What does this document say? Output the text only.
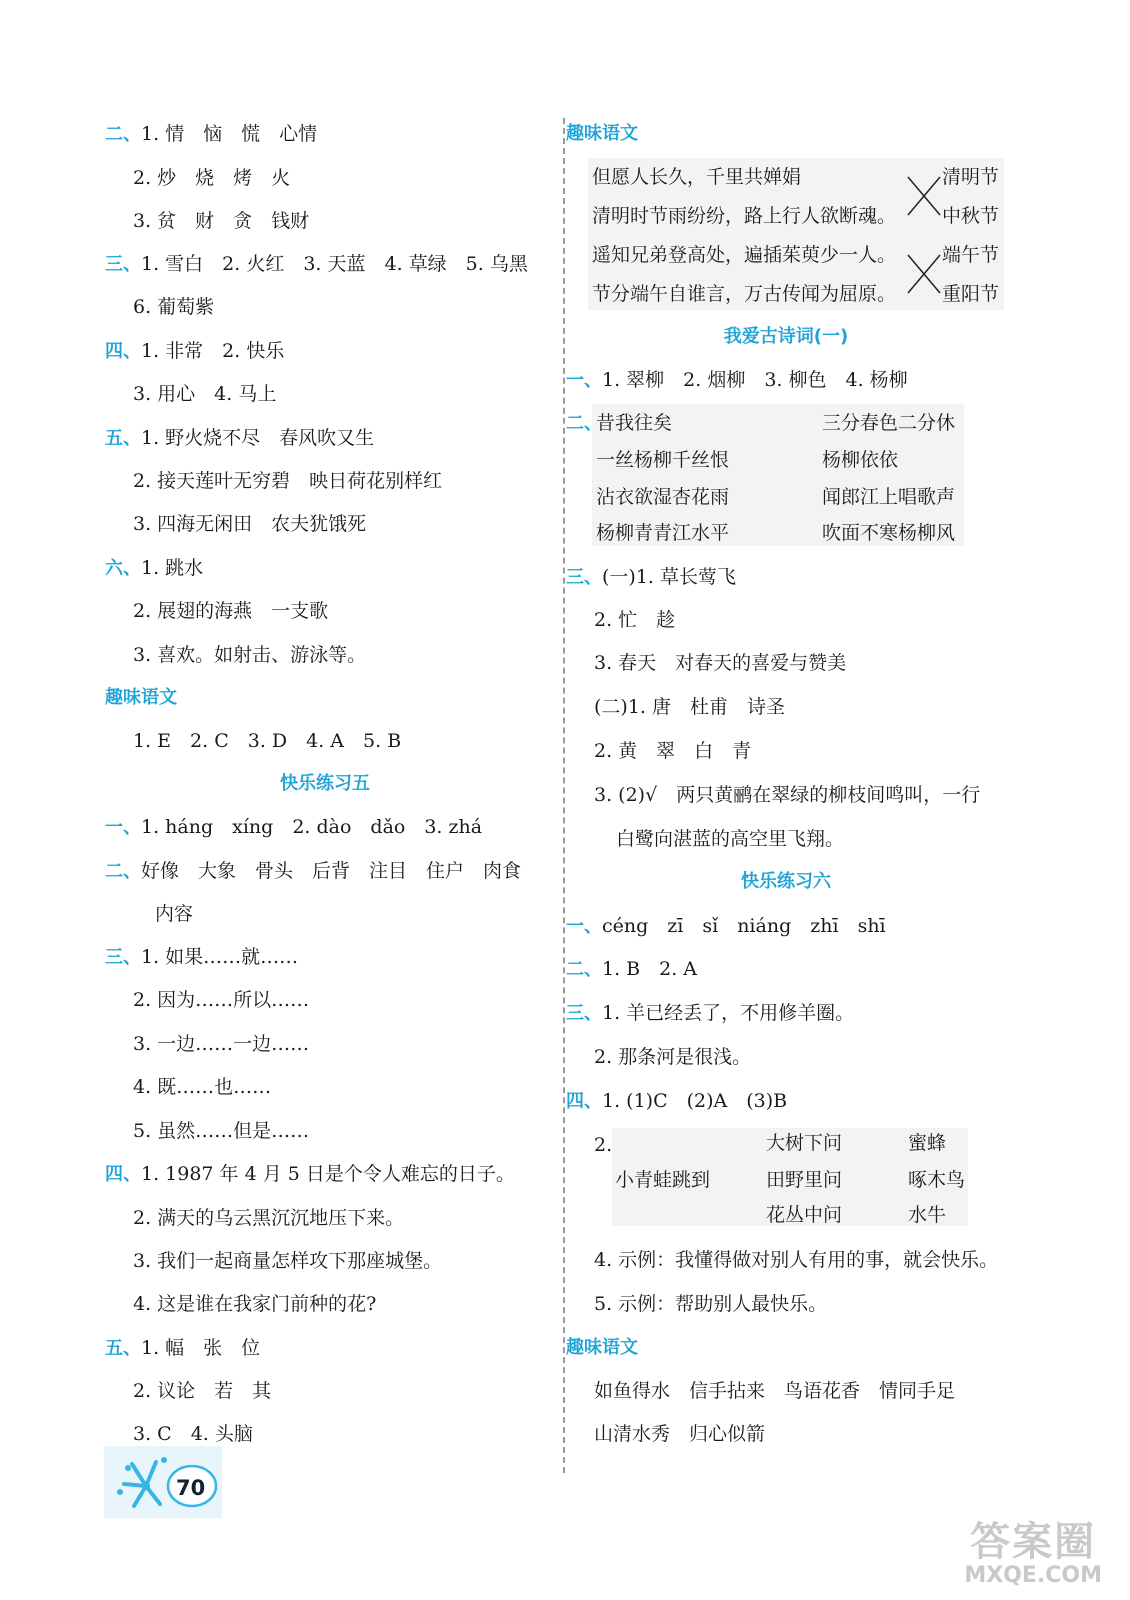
二、1. 情　恼　慌　心情
2. 炒　烧　烤　火
3. 贫　财　贪　钱财
三、1. 雪白　2. 火红　3. 天蓝　4. 草绿　5. 乌黑
6. 葡萄紫
四、1. 非常　2. 快乐
3. 用心　4. 马上
五、1. 野火烧不尽　春风吹又生
2. 接天莲叶无穷碧　映日荷花别样红
3. 四海无闲田　农夫犹饿死
六、1. 跳水
2. 展翅的海燕　一支歌
3. 喜欢。如射击、游泳等。
趣味语文
1. E　2. C　3. D　4. A　5. B
快乐练习五
一、1. háng　xíng　2. dào　dǎo　3. zhá
二、好像　大象　骨头　后背　注目　住户　肉食
内容
三、1. 如果……就……
2. 因为……所以……
3. 一边……一边……
4. 既……也……
5. 虽然……但是……
四、1. 1987 年 4 月 5 日是个令人难忘的日子。
2. 满天的乌云黑沉沉地压下来。
3. 我们一起商量怎样攻下那座城堡。
4. 这是谁在我家门前种的花?
五、1. 幅　张　位
2. 议论　若　其
3. C　4. 头脑
趣味语文
但愿人长久，千里共婵娟
清明时节雨纷纷，路上行人欲断魂。
遥知兄弟登高处，遍插茱萸少一人。
节分端午自谁言，万古传闻为屈原。
清明节
中秋节
端午节
重阳节
我爱古诗词(一)
一、1. 翠柳　2. 烟柳　3. 柳色　4. 杨柳
二、
昔我往矣
一丝杨柳千丝恨
沾衣欲湿杏花雨
杨柳青青江水平
三分春色二分休
杨柳依依
闻郎江上唱歌声
吹面不寒杨柳风
三、(一)1. 草长莺飞
2. 忙　趁
3. 春天　对春天的喜爱与赞美
(二)1. 唐　杜甫　诗圣
2. 黄　翠　白　青
3. (2)√　两只黄鹂在翠绿的柳枝间鸣叫，一行
白鹭向湛蓝的高空里飞翔。
快乐练习六
一、céng　zī　sǐ　niáng　zhī　shī
二、1. B　2. A
三、1. 羊已经丢了，不用修羊圈。
2. 那条河是很浅。
四、1. (1)C　(2)A　(3)B
2.
小青蛙跳到
大树下问
田野里问
花丛中问
蜜蜂
啄木鸟
水牛
4. 示例：我懂得做对别人有用的事，就会快乐。
5. 示例：帮助别人最快乐。
趣味语文
如鱼得水　信手拈来　鸟语花香　情同手足
山清水秀　归心似箭
70
答案圈
MXQE.COM
